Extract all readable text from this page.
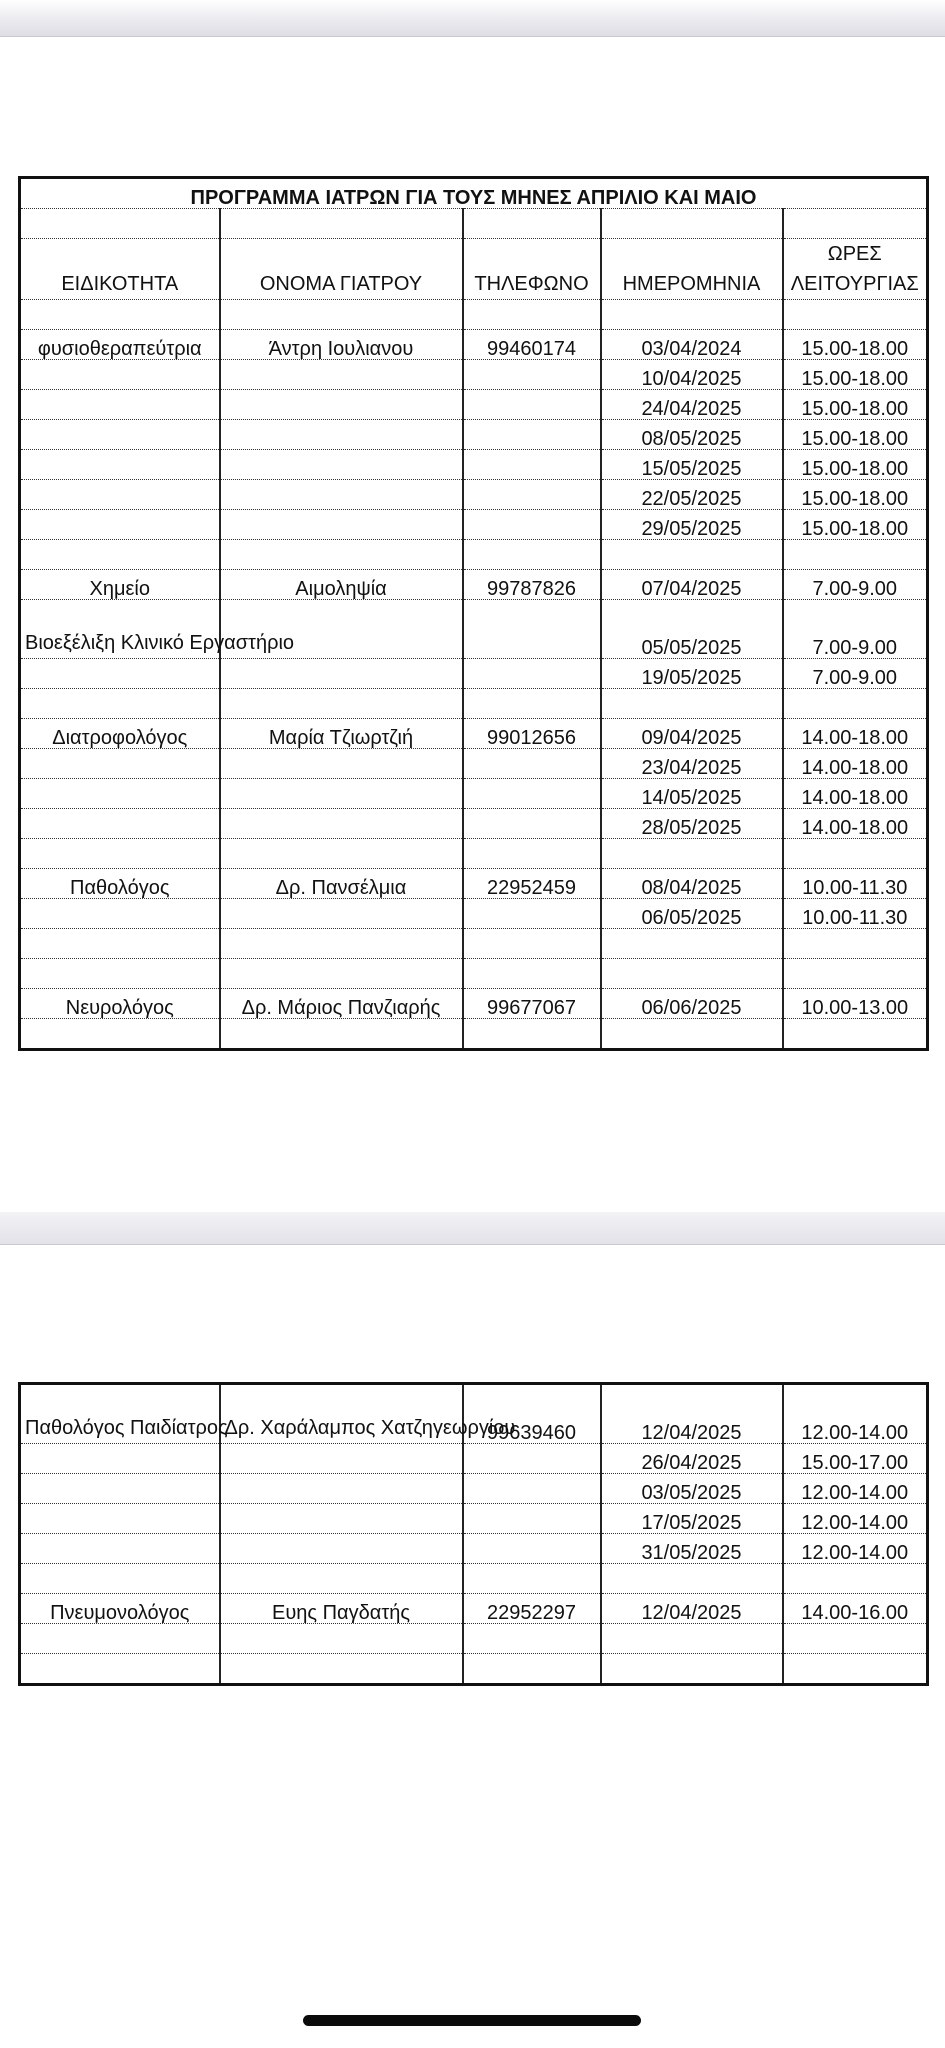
ΠΡΟΓΡΑΜΜΑ ΙΑΤΡΩΝ ΓΙΑ ΤΟΥΣ ΜΗΝΕΣ ΑΠΡΙΛΙΟ ΚΑΙ ΜΑΙΟ				

ΕΙΔΙΚΟΤΗΤΑ	ΟΝΟΜΑ ΓΙΑΤΡΟΥ	ΤΗΛΕΦΩΝΟ	ΗΜΕΡΟΜΗΝΙΑ	ΩΡΕΣ
ΛΕΙΤΟΥΡΓΙΑΣ

φυσιοθεραπεύτρια	Άντρη Ιουλιανου	99460174	03/04/2024	15.00-18.00
			10/04/2025	15.00-18.00
			24/04/2025	15.00-18.00
			08/05/2025	15.00-18.00
			15/05/2025	15.00-18.00
			22/05/2025	15.00-18.00
			29/05/2025	15.00-18.00

Χημείο	Αιμοληψία	99787826	07/04/2025	7.00-9.00
Βιοεξέλιξη Κλινικό Εργαστήριο			05/05/2025	7.00-9.00
			19/05/2025	7.00-9.00

Διατροφολόγος	Μαρία Τζιωρτζιή	99012656	09/04/2025	14.00-18.00
			23/04/2025	14.00-18.00
			14/05/2025	14.00-18.00
			28/05/2025	14.00-18.00

Παθολόγος	Δρ. Πανσέλμια	22952459	08/04/2025	10.00-11.30
			06/05/2025	10.00-11.30

Νευρολόγος	Δρ. Μάριος Πανζιαρής	99677067	06/06/2025	10.00-13.00

Παθολόγος Παιδίατρος	Δρ. Χαράλαμπος Χατζηγεωργίου	99639460	12/04/2025	12.00-14.00
			26/04/2025	15.00-17.00
			03/05/2025	12.00-14.00
			17/05/2025	12.00-14.00
			31/05/2025	12.00-14.00

Πνευμονολόγος	Ευης Παγδατής	22952297	12/04/2025	14.00-16.00
